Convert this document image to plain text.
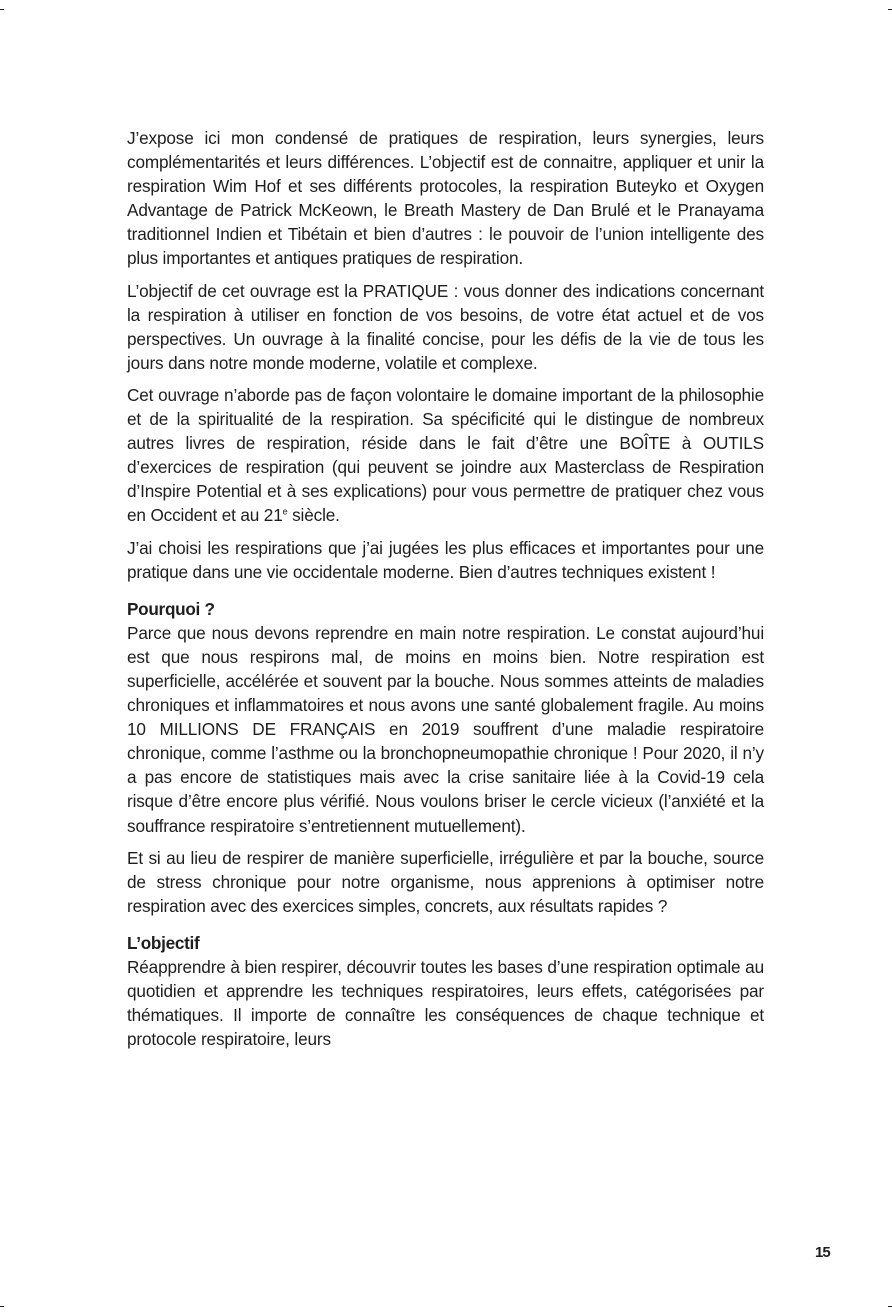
J’expose ici mon condensé de pratiques de respiration, leurs synergies, leurs complémentarités et leurs différences. L’objectif est de connaitre, appliquer et unir la respiration Wim Hof et ses différents protocoles, la respiration Buteyko et Oxygen Advantage de Patrick McKeown, le Breath Mastery de Dan Brulé et le Pranayama traditionnel Indien et Tibétain et bien d’autres : le pouvoir de l’union intelligente des plus importantes et antiques pratiques de respiration.

L’objectif de cet ouvrage est la PRATIQUE : vous donner des indications concernant la respiration à utiliser en fonction de vos besoins, de votre état actuel et de vos perspectives. Un ouvrage à la finalité concise, pour les défis de la vie de tous les jours dans notre monde moderne, volatile et complexe.

Cet ouvrage n’aborde pas de façon volontaire le domaine important de la philosophie et de la spiritualité de la respiration. Sa spécificité qui le distingue de nombreux autres livres de respiration, réside dans le fait d’être une BOÎTE à OUTILS d’exercices de respiration (qui peuvent se joindre aux Masterclass de Respiration d’Inspire Potential et à ses explications) pour vous permettre de pratiquer chez vous en Occident et au 21e siècle.

J’ai choisi les respirations que j’ai jugées les plus efficaces et importantes pour une pratique dans une vie occidentale moderne. Bien d’autres techniques existent !

Pourquoi ?

Parce que nous devons reprendre en main notre respiration. Le constat aujourd’hui est que nous respirons mal, de moins en moins bien. Notre respiration est superficielle, accélérée et souvent par la bouche. Nous sommes atteints de maladies chroniques et inflammatoires et nous avons une santé globalement fragile. Au moins 10 MILLIONS DE FRANÇAIS en 2019 souffrent d’une maladie respiratoire chronique, comme l’asthme ou la bronchopneumopathie chronique ! Pour 2020, il n’y a pas encore de statistiques mais avec la crise sanitaire liée à la Covid-19 cela risque d’être encore plus vérifié. Nous voulons briser le cercle vicieux (l’anxiété et la souffrance respiratoire s’entretiennent mutuellement).

Et si au lieu de respirer de manière superficielle, irrégulière et par la bouche, source de stress chronique pour notre organisme, nous apprenions à optimiser notre respiration avec des exercices simples, concrets, aux résultats rapides ?

L’objectif

Réapprendre à bien respirer, découvrir toutes les bases d’une respiration optimale au quotidien et apprendre les techniques respiratoires, leurs effets, catégorisées par thématiques. Il importe de connaître les conséquences de chaque technique et protocole respiratoire, leurs

15
